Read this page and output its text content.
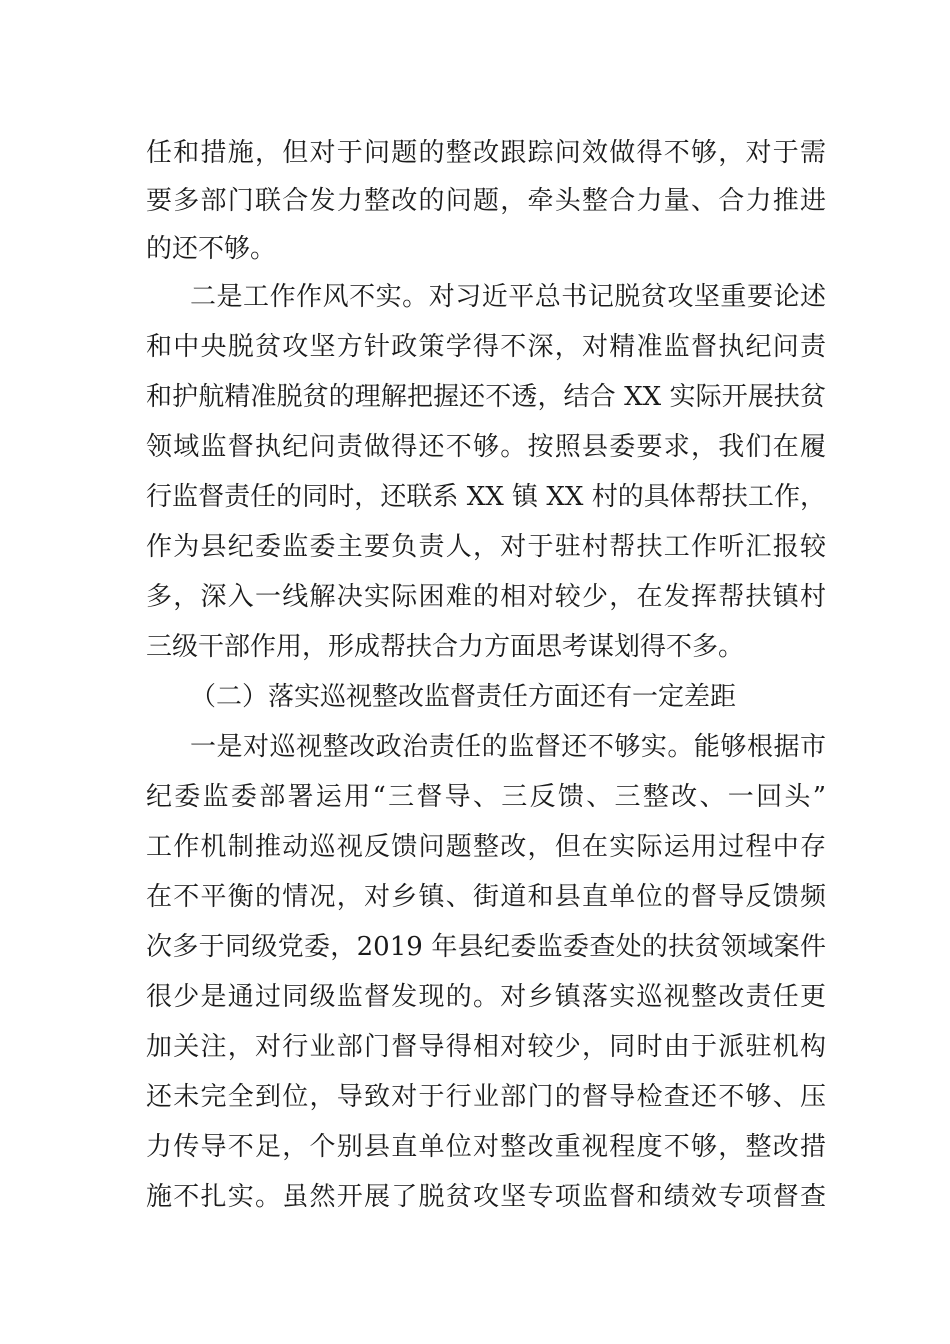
任和措施，但对于问题的整改跟踪问效做得不够，对于需
要多部门联合发力整改的问题，牵头整合力量、合力推进
的还不够。
二是工作作风不实。对习近平总书记脱贫攻坚重要论述
和中央脱贫攻坚方针政策学得不深，对精准监督执纪问责
和护航精准脱贫的理解把握还不透，结合 XX 实际开展扶贫
领域监督执纪问责做得还不够。按照县委要求，我们在履
行监督责任的同时，还联系 XX 镇 XX 村的具体帮扶工作，
作为县纪委监委主要负责人，对于驻村帮扶工作听汇报较
多，深入一线解决实际困难的相对较少，在发挥帮扶镇村
三级干部作用，形成帮扶合力方面思考谋划得不多。
（二）落实巡视整改监督责任方面还有一定差距
一是对巡视整改政治责任的监督还不够实。能够根据市
纪委监委部署运用“三督导、三反馈、三整改、一回头”
工作机制推动巡视反馈问题整改，但在实际运用过程中存
在不平衡的情况，对乡镇、街道和县直单位的督导反馈频
次多于同级党委，2019 年县纪委监委查处的扶贫领域案件
很少是通过同级监督发现的。对乡镇落实巡视整改责任更
加关注，对行业部门督导得相对较少，同时由于派驻机构
还未完全到位，导致对于行业部门的督导检查还不够、压
力传导不足，个别县直单位对整改重视程度不够，整改措
施不扎实。虽然开展了脱贫攻坚专项监督和绩效专项督查
